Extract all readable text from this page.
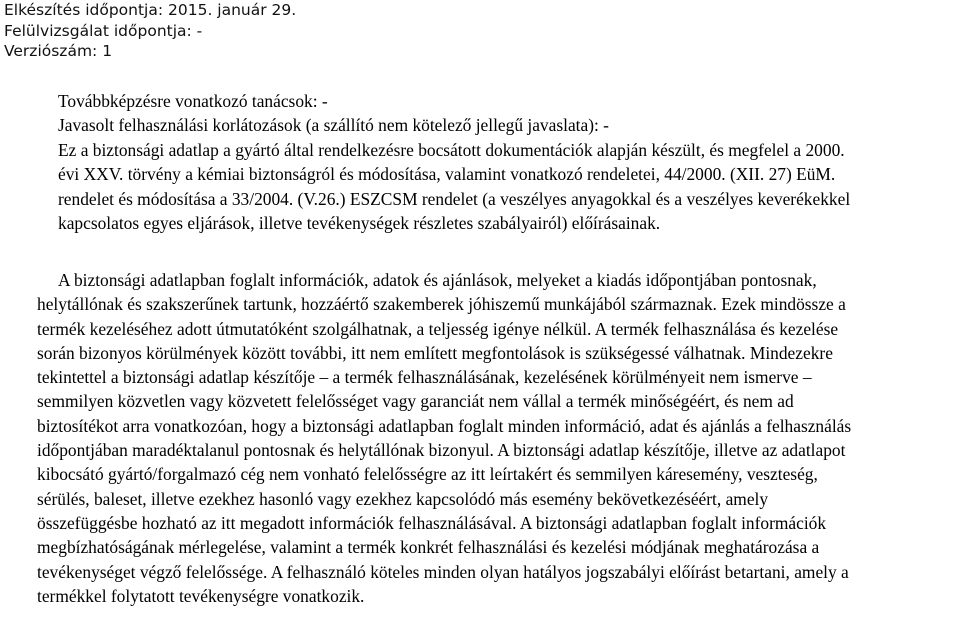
Elkészítés időpontja: 2015. január 29.
Felülvizsgálat időpontja: -
Verziószám: 1
Továbbképzésre vonatkozó tanácsok: -
Javasolt felhasználási korlátozások (a szállító nem kötelező jellegű javaslata): -
Ez a biztonsági adatlap a gyártó által rendelkezésre bocsátott dokumentációk alapján készült, és megfelel a 2000.
évi XXV. törvény a kémiai biztonságról és módosítása, valamint vonatkozó rendeletei, 44/2000. (XII. 27) EüM.
rendelet és módosítása a 33/2004. (V.26.) ESZCSM rendelet (a veszélyes anyagokkal és a veszélyes keverékekkel
kapcsolatos egyes eljárások, illetve tevékenységek részletes szabályairól) előírásainak.
A biztonsági adatlapban foglalt információk, adatok és ajánlások, melyeket a kiadás időpontjában pontosnak,
helytállónak és szakszerűnek tartunk, hozzáértő szakemberek jóhiszemű munkájából származnak. Ezek mindössze a
termék kezeléséhez adott útmutatóként szolgálhatnak, a teljesség igénye nélkül. A termék felhasználása és kezelése
során bizonyos körülmények között további, itt nem említett megfontolások is szükségessé válhatnak. Mindezekre
tekintettel a biztonsági adatlap készítője – a termék felhasználásának, kezelésének körülményeit nem ismerve –
semmilyen közvetlen vagy közvetett felelősséget vagy garanciát nem vállal a termék minőségéért, és nem ad
biztosítékot arra vonatkozóan, hogy a biztonsági adatlapban foglalt minden információ, adat és ajánlás a felhasználás
időpontjában maradéktalanul pontosnak és helytállónak bizonyul. A biztonsági adatlap készítője, illetve az adatlapot
kibocsátó gyártó/forgalmazó cég nem vonható felelősségre az itt leírtakért és semmilyen káresemény, veszteség,
sérülés, baleset, illetve ezekhez hasonló vagy ezekhez kapcsolódó más esemény bekövetkezéséért, amely
összefüggésbe hozható az itt megadott információk felhasználásával. A biztonsági adatlapban foglalt információk
megbízhatóságának mérlegelése, valamint a termék konkrét felhasználási és kezelési módjának meghatározása a
tevékenységet végző felelőssége. A felhasználó köteles minden olyan hatályos jogszabályi előírást betartani, amely a
termékkel folytatott tevékenységre vonatkozik.
